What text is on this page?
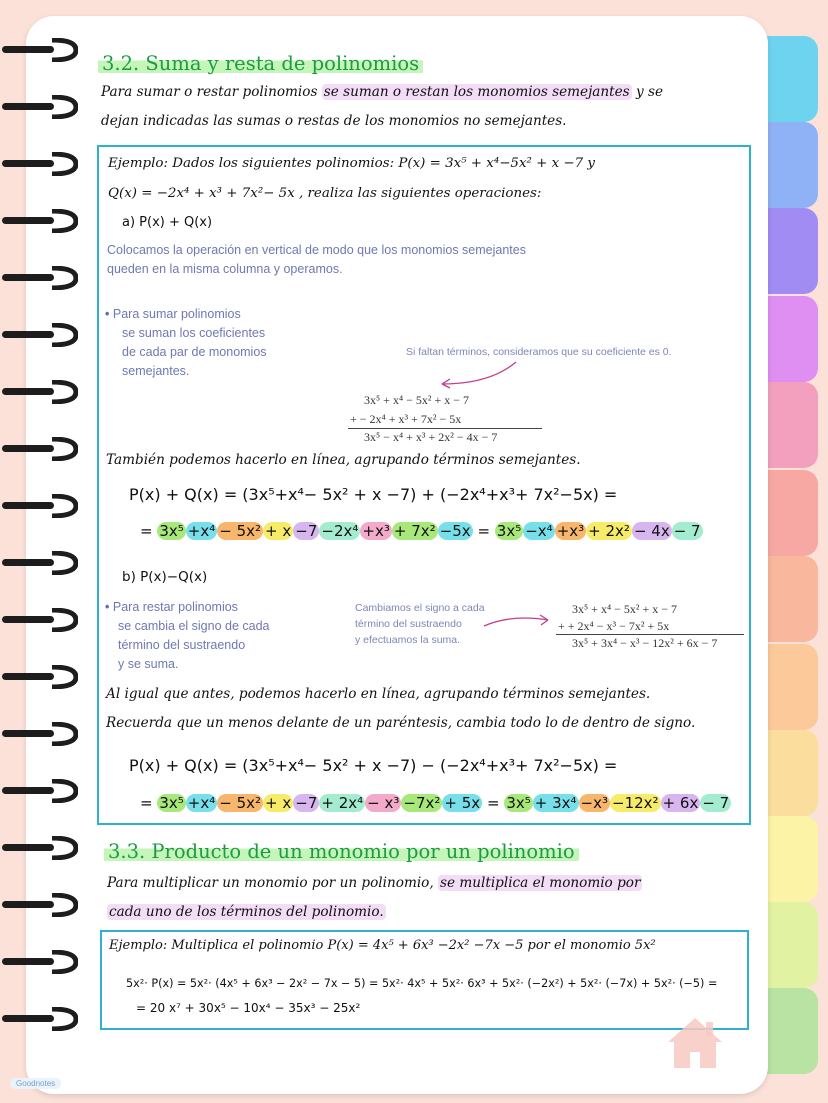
3.2. Suma y resta de polinomios
Para sumar o restar polinomios se suman o restan los monomios semejantes y se
dejan indicadas las sumas o restas de los monomios no semejantes.
Ejemplo: Dados los siguientes polinomios: P(x) = 3x⁵ + x⁴−5x² + x −7 y
Q(x) = −2x⁴ + x³ + 7x²− 5x , realiza las siguientes operaciones:
a) P(x) + Q(x)
Colocamos la operación en vertical de modo que los monomios semejantes
queden en la misma columna y operamos.
• Para sumar polinomios
se suman los coeficientes
de cada par de monomios
semejantes.
Si faltan términos, consideramos que su coeficiente es 0.
3x⁵ + x⁴ − 5x² + x − 7
+ − 2x⁴ + x³ + 7x² − 5x
3x⁵ − x⁴ + x³ + 2x² − 4x − 7
También podemos hacerlo en línea, agrupando términos semejantes.
P(x) + Q(x) = (3x⁵+x⁴− 5x² + x −7) + (−2x⁴+x³+ 7x²−5x) =
= 3x⁵ +x⁴ − 5x² + x −7 −2x⁴ +x³ + 7x² −5x = 3x⁵ −x⁴ +x³ + 2x² − 4x − 7
b) P(x)−Q(x)
• Para restar polinomios
se cambia el signo de cada
término del sustraendo
y se suma.
Cambiamos el signo a cada
término del sustraendo
y efectuamos la suma.
3x⁵ + x⁴ − 5x² + x − 7
+ + 2x⁴ − x³ − 7x² + 5x
3x⁵ + 3x⁴ − x³ − 12x² + 6x − 7
Al igual que antes, podemos hacerlo en línea, agrupando términos semejantes.
Recuerda que un menos delante de un paréntesis, cambia todo lo de dentro de signo.
P(x) + Q(x) = (3x⁵+x⁴− 5x² + x −7) − (−2x⁴+x³+ 7x²−5x) =
= 3x⁵ +x⁴ − 5x² + x −7 + 2x⁴ − x³ −7x² + 5x = 3x⁵ + 3x⁴ −x³ −12x² + 6x − 7
3.3. Producto de un monomio por un polinomio
Para multiplicar un monomio por un polinomio, se multiplica el monomio por
cada uno de los términos del polinomio.
Ejemplo: Multiplica el polinomio P(x) = 4x⁵ + 6x³ −2x² −7x −5 por el monomio 5x²
5x²· P(x) = 5x²· (4x⁵ + 6x³ − 2x² − 7x − 5) = 5x²· 4x⁵ + 5x²· 6x³ + 5x²· (−2x²) + 5x²· (−7x) + 5x²· (−5) =
= 20 x⁷ + 30x⁵ − 10x⁴ − 35x³ − 25x²
Goodnotes
